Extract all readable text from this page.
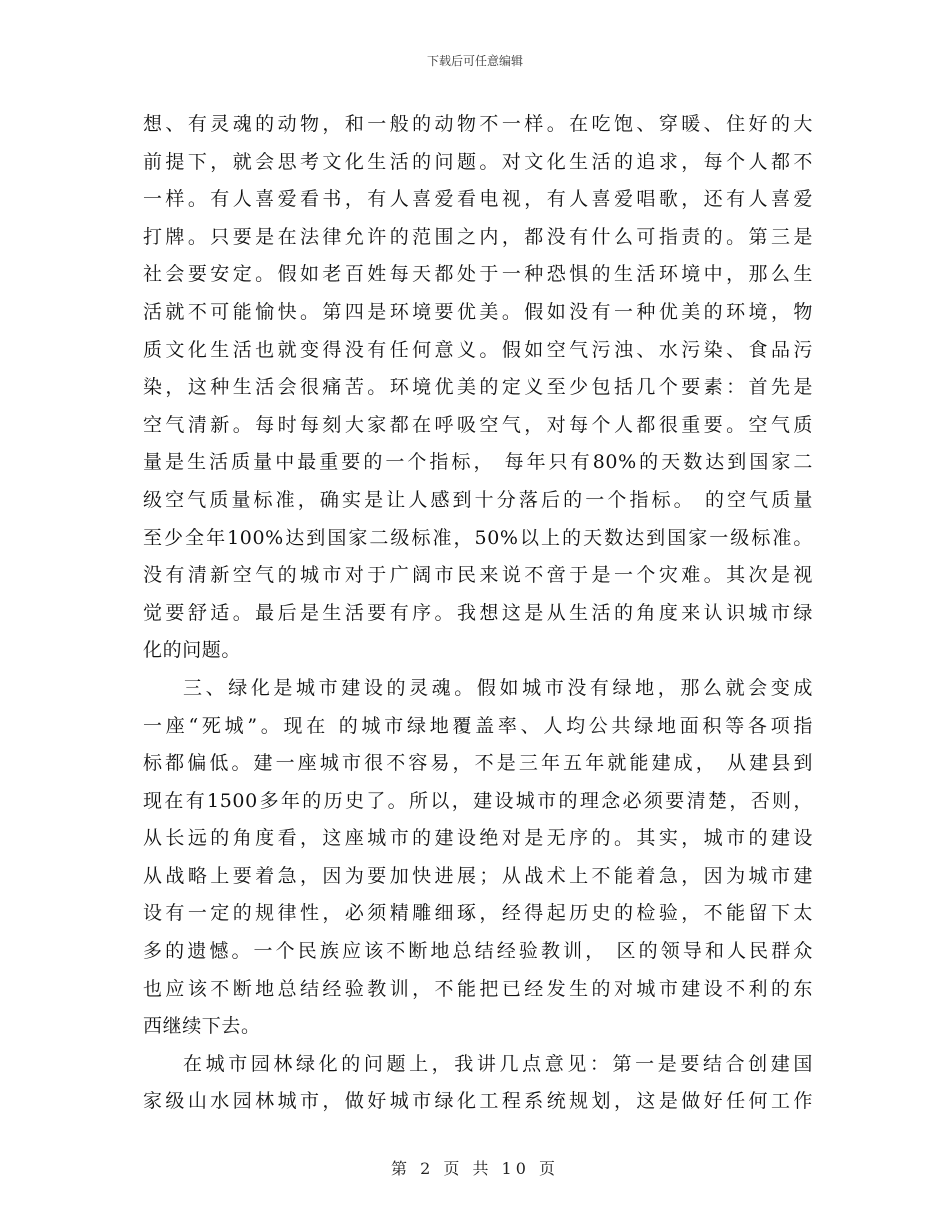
下载后可任意编辑
想、有灵魂的动物，和一般的动物不一样。在吃饱、穿暖、住好的大
前提下，就会思考文化生活的问题。对文化生活的追求，每个人都不
一样。有人喜爱看书，有人喜爱看电视，有人喜爱唱歌，还有人喜爱
打牌。只要是在法律允许的范围之内，都没有什么可指责的。第三是
社会要安定。假如老百姓每天都处于一种恐惧的生活环境中，那么生
活就不可能愉快。第四是环境要优美。假如没有一种优美的环境，物
质文化生活也就变得没有任何意义。假如空气污浊、水污染、食品污
染，这种生活会很痛苦。环境优美的定义至少包括几个要素：首先是
空气清新。每时每刻大家都在呼吸空气，对每个人都很重要。空气质
量是生活质量中最重要的一个指标， 每年只有80%的天数达到国家二
级空气质量标准，确实是让人感到十分落后的一个指标。 的空气质量
至少全年100%达到国家二级标准，50%以上的天数达到国家一级标准。
没有清新空气的城市对于广阔市民来说不啻于是一个灾难。其次是视
觉要舒适。最后是生活要有序。我想这是从生活的角度来认识城市绿
化的问题。
三、绿化是城市建设的灵魂。假如城市没有绿地，那么就会变成
一座“死城”。现在 的城市绿地覆盖率、人均公共绿地面积等各项指
标都偏低。建一座城市很不容易，不是三年五年就能建成， 从建县到
现在有1500多年的历史了。所以，建设城市的理念必须要清楚，否则，
从长远的角度看，这座城市的建设绝对是无序的。其实，城市的建设
从战略上要着急，因为要加快进展；从战术上不能着急，因为城市建
设有一定的规律性，必须精雕细琢，经得起历史的检验，不能留下太
多的遗憾。一个民族应该不断地总结经验教训， 区的领导和人民群众
也应该不断地总结经验教训，不能把已经发生的对城市建设不利的东
西继续下去。
在城市园林绿化的问题上，我讲几点意见：第一是要结合创建国
家级山水园林城市，做好城市绿化工程系统规划，这是做好任何工作
第 2 页 共 10 页
